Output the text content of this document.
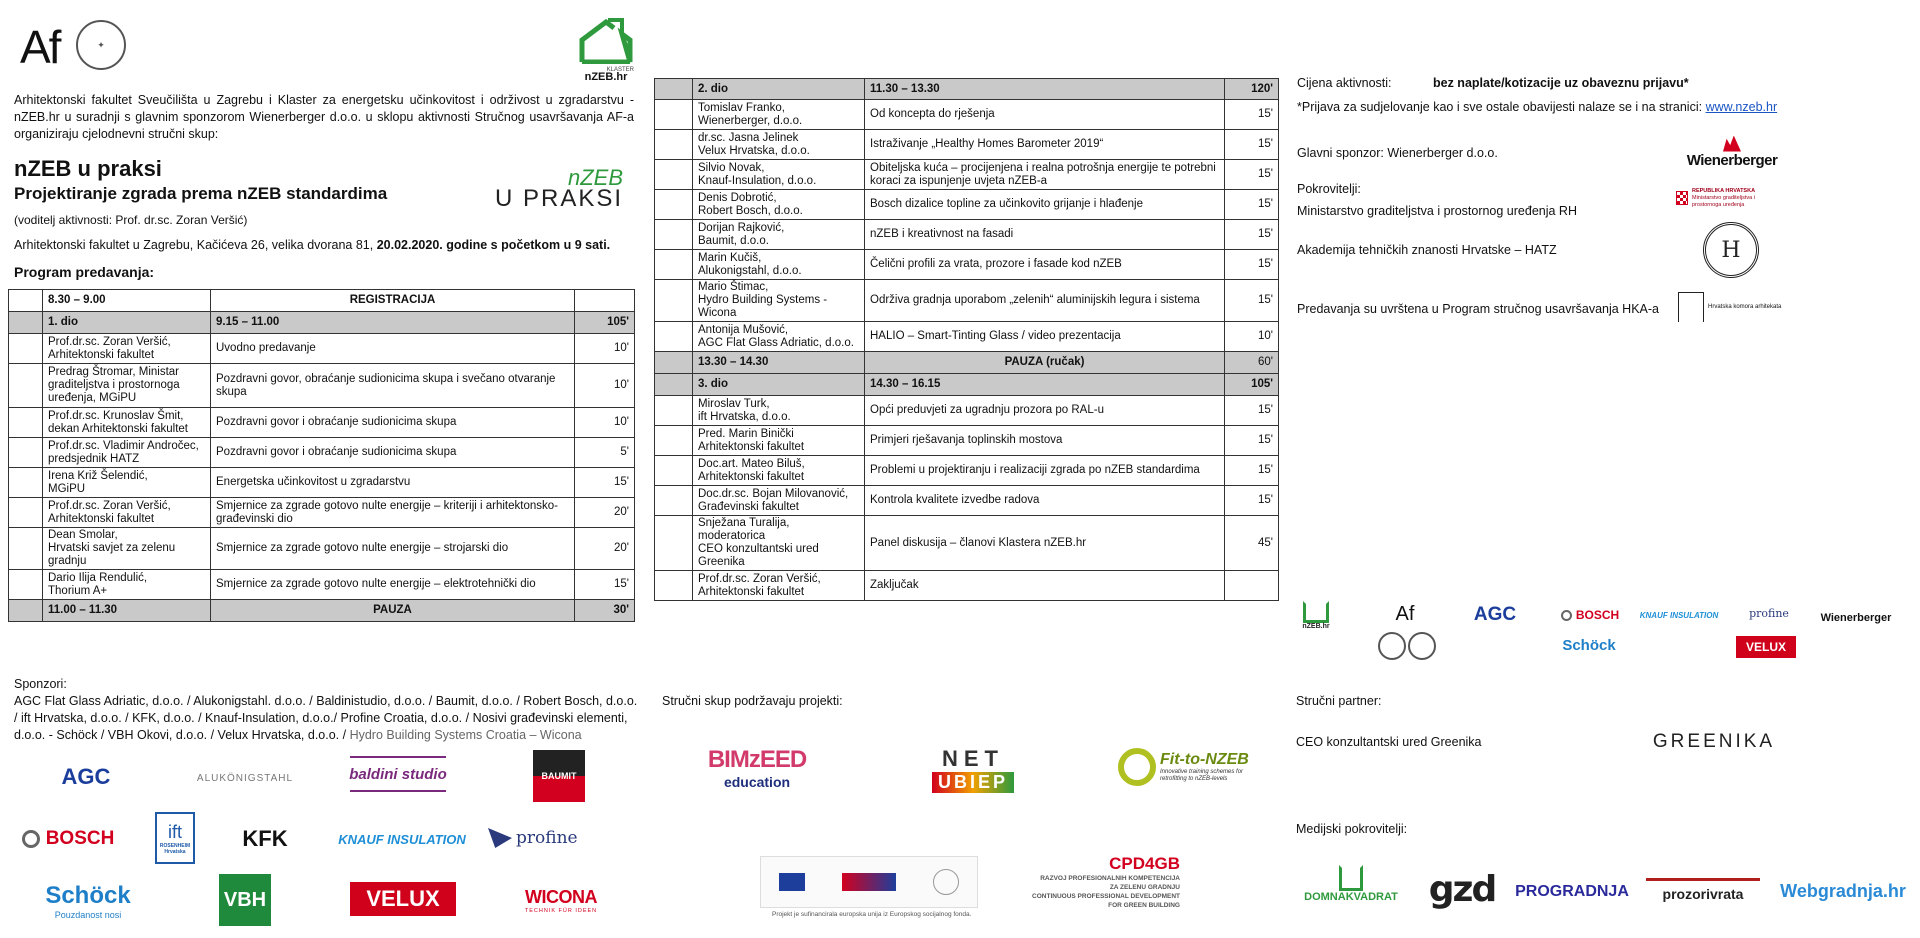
Af	✦
KLASTER
nZEB.hr
Arhitektonski fakultet Sveučilišta u Zagrebu i Klaster za energetsku učinkovitost i održivost u zgradarstvu - nZEB.hr u suradnji s glavnim sponzorom Wienerberger d.o.o. u sklopu aktivnosti Stručnog usavršavanja AF-a organiziraju cjelodnevni stručni skup:
nZEB u praksi
Projektiranje zgrada prema nZEB standardima
nZEB
U PRAKSI
(voditelj aktivnosti: Prof. dr.sc. Zoran Veršić)
Arhitektonski fakultet u Zagrebu, Kačićeva 26, velika dvorana 81, 20.02.2020. godine s početkom u 9 sati.
Program predavanja:
	8.30 – 9.00	REGISTRACIJA	
	1. dio	9.15 – 11.00	105'
	Prof.dr.sc. Zoran Veršić,
Arhitektonski fakultet	Uvodno predavanje	10'
	Predrag Štromar, Ministar graditeljstva i prostornoga uređenja, MGiPU	Pozdravni govor, obraćanje sudionicima skupa i svečano otvaranje skupa	10'
	Prof.dr.sc. Krunoslav Šmit, dekan Arhitektonski fakultet	Pozdravni govor i obraćanje sudionicima skupa	10'
	Prof.dr.sc. Vladimir Andročec, predsjednik HATZ	Pozdravni govor i obraćanje sudionicima skupa	5'
	Irena Križ Šelendić,
MGiPU	Energetska učinkovitost u zgradarstvu	15'
	Prof.dr.sc. Zoran Veršić,
Arhitektonski fakultet	Smjernice za zgrade gotovo nulte energije – kriteriji i arhitektonsko-građevinski dio	20'
	Dean Smolar,
Hrvatski savjet za zelenu gradnju	Smjernice za zgrade gotovo nulte energije – strojarski dio	20'
	Dario Ilija Rendulić,
Thorium A+	Smjernice za zgrade gotovo nulte energije – elektrotehnički dio	15'
	11.00 – 11.30	PAUZA	30'
	2. dio	11.30 – 13.30	120'
	Tomislav Franko,
Wienerberger, d.o.o.	Od koncepta do rješenja	15'
	dr.sc. Jasna Jelinek
Velux Hrvatska, d.o.o.	Istraživanje „Healthy Homes Barometer 2019“	15'
	Silvio Novak,
Knauf-Insulation, d.o.o.	Obiteljska kuća – procijenjena i realna potrošnja energije te potrebni koraci za ispunjenje uvjeta nZEB-a	15'
	Denis Dobrotić,
Robert Bosch, d.o.o.	Bosch dizalice topline za učinkovito grijanje i hlađenje	15'
	Dorijan Rajković,
Baumit, d.o.o.	nZEB i kreativnost na fasadi	15'
	Marin Kučiš,
Alukonigstahl, d.o.o.	Čelični profili za vrata, prozore i fasade kod nZEB	15'
	Mario Štimac,
Hydro Building Systems - Wicona	Održiva gradnja uporabom „zelenih“ aluminijskih legura i sistema	15'
	Antonija Mušović,
AGC Flat Glass Adriatic, d.o.o.	HALIO – Smart-Tinting Glass / video prezentacija	10'
	13.30 – 14.30	PAUZA (ručak)	60'
	3. dio	14.30 – 16.15	105'
	Miroslav Turk,
ift Hrvatska, d.o.o.	Opći preduvjeti za ugradnju prozora po RAL-u	15'
	Pred. Marin Binički
Arhitektonski fakultet	Primjeri rješavanja toplinskih mostova	15'
	Doc.art. Mateo Biluš,
Arhitektonski fakultet	Problemi u projektiranju i realizaciji zgrada po nZEB standardima	15'
	Doc.dr.sc. Bojan Milovanović,
Građevinski fakultet	Kontrola kvalitete izvedbe radova	15'
	Snježana Turalija, moderatorica
CEO konzultantski ured Greenika	Panel diskusija – članovi Klastera nZEB.hr	45'
	Prof.dr.sc. Zoran Veršić,
Arhitektonski fakultet	Zaključak	
Cijena aktivnosti:	bez naplate/kotizacije uz obaveznu prijavu*
*Prijava za sudjelovanje kao i sve ostale obavijesti nalaze se i na stranici: www.nzeb.hr
Glavni sponzor: Wienerberger d.o.o.	Wienerberger
Pokrovitelji:
Ministarstvo graditeljstva i prostornog uređenja RH
REPUBLIKA HRVATSKA
Ministarstvo graditeljstva i prostornoga uređenja
Akademija tehničkih znanosti Hrvatske – HATZ	H
Predavanja su uvrštena u Program stručnog usavršavanja HKA-a	Hrvatska komora arhitekata
nZEB.hr
Af	AGC	BOSCH	KNAUF INSULATION	profine	Wienerberger
Schöck	VELUX
Sponzori:
AGC Flat Glass Adriatic, d.o.o. / Alukonigstahl. d.o.o. / Baldinistudio, d.o.o. / Baumit, d.o.o. / Robert Bosch, d.o.o. / ift Hrvatska, d.o.o. / KFK, d.o.o. / Knauf-Insulation, d.o.o./ Profine Croatia, d.o.o. / Nosivi građevinski elementi, d.o.o. - Schöck / VBH Okovi, d.o.o. / Velux Hrvatska, d.o.o. / Hydro Building Systems Croatia – Wicona
AGC	ALUKÖNIGSTAHL	baldini studio	BAUMIT
BOSCH	ift
ROSENHEIM Hrvatska
KFK	KNAUF INSULATION	profine
Schöck
Pouzdanost nosi
VBH	VELUX	WICONA
TECHNIK FÜR IDEEN
Stručni skup podržavaju projekti:
BIMzEED
education
NET
UBIEP
Fit-to-NZEB
Innovative training schemes for retrofitting to nZEB-levels
Projekt je sufinancirala europska unija iz Europskog socijalnog fonda.
CPD4GB
RAZVOJ PROFESIONALNIH KOMPETENCIJA
ZA ZELENU GRADNJU
CONTINUOUS PROFESSIONAL DEVELOPMENT
FOR GREEN BUILDING
Stručni partner:
CEO konzultantski ured Greenika	GREENIKA
Medijski pokrovitelji:
DOMNAKVADRAT gzd PROGRADNJA	prozorivrata	Webgradnja.hr
